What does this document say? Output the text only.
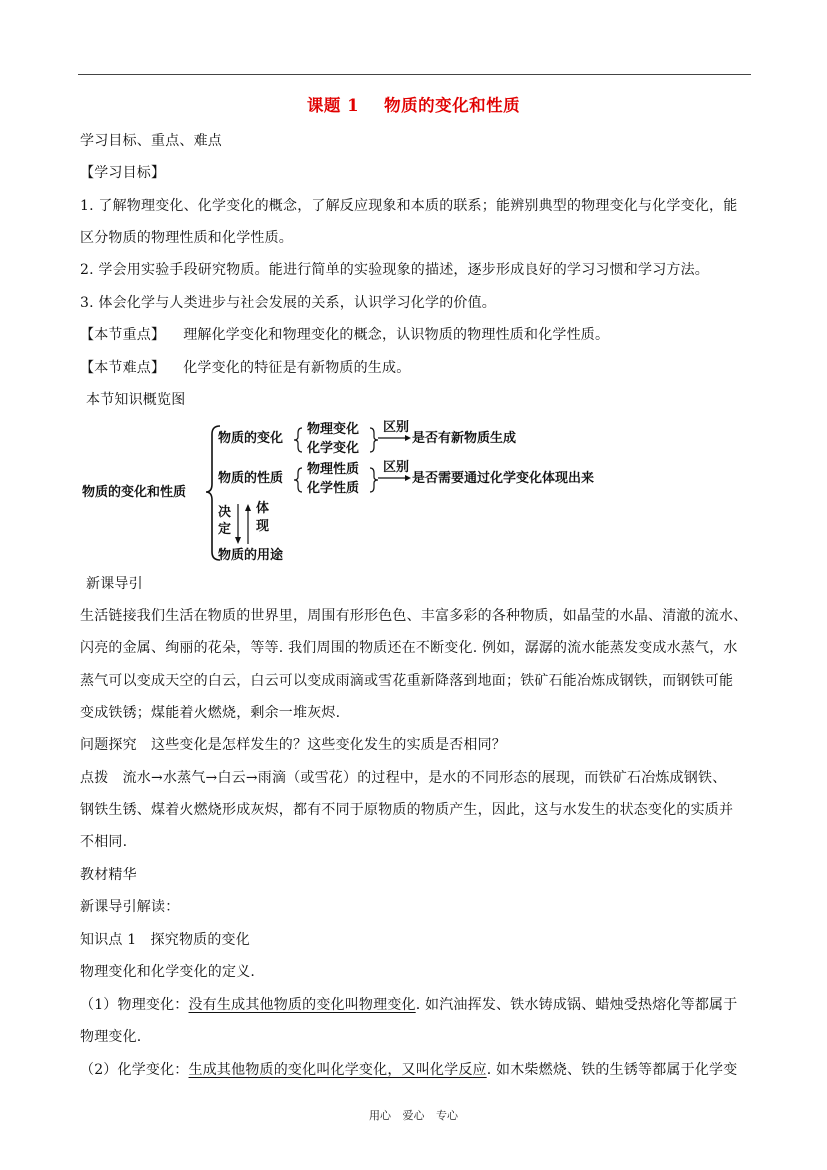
课题 1 物质的变化和性质
学习目标、重点、难点
【学习目标】
1. 了解物理变化、化学变化的概念，了解反应现象和本质的联系；能辨别典型的物理变化与化学变化，能
区分物质的物理性质和化学性质。
2. 学会用实验手段研究物质。能进行简单的实验现象的描述，逐步形成良好的学习习惯和学习方法。
3. 体会化学与人类进步与社会发展的关系，认识学习化学的价值。
【本节重点】 理解化学变化和物理变化的概念，认识物质的物理性质和化学性质。
【本节难点】 化学变化的特征是有新物质的生成。
本节知识概览图
物质的变化和性质
物质的变化
物理变化
化学变化
区别
是否有新物质生成
物质的性质
物理性质
化学性质
区别
是否需要通过化学变化体现出来
决
定
体
现
物质的用途
新课导引
生活链接我们生活在物质的世界里，周围有形形色色、丰富多彩的各种物质，如晶莹的水晶、清澈的流水、
闪亮的金属、绚丽的花朵，等等. 我们周围的物质还在不断变化. 例如，潺潺的流水能蒸发变成水蒸气，水
蒸气可以变成天空的白云，白云可以变成雨滴或雪花重新降落到地面；铁矿石能冶炼成钢铁，而钢铁可能
变成铁锈；煤能着火燃烧，剩余一堆灰烬.
问题探究　这些变化是怎样发生的？这些变化发生的实质是否相同？
点拨　流水→水蒸气→白云→雨滴（或雪花）的过程中，是水的不同形态的展现，而铁矿石冶炼成钢铁、
钢铁生锈、煤着火燃烧形成灰烬，都有不同于原物质的物质产生，因此，这与水发生的状态变化的实质并
不相同.
教材精华
新课导引解读：
知识点 1　探究物质的变化
物理变化和化学变化的定义.
（1）物理变化：没有生成其他物质的变化叫物理变化. 如汽油挥发、铁水铸成锅、蜡烛受热熔化等都属于
物理变化.
（2）化学变化：生成其他物质的变化叫化学变化，又叫化学反应. 如木柴燃烧、铁的生锈等都属于化学变
用心 爱心 专心
